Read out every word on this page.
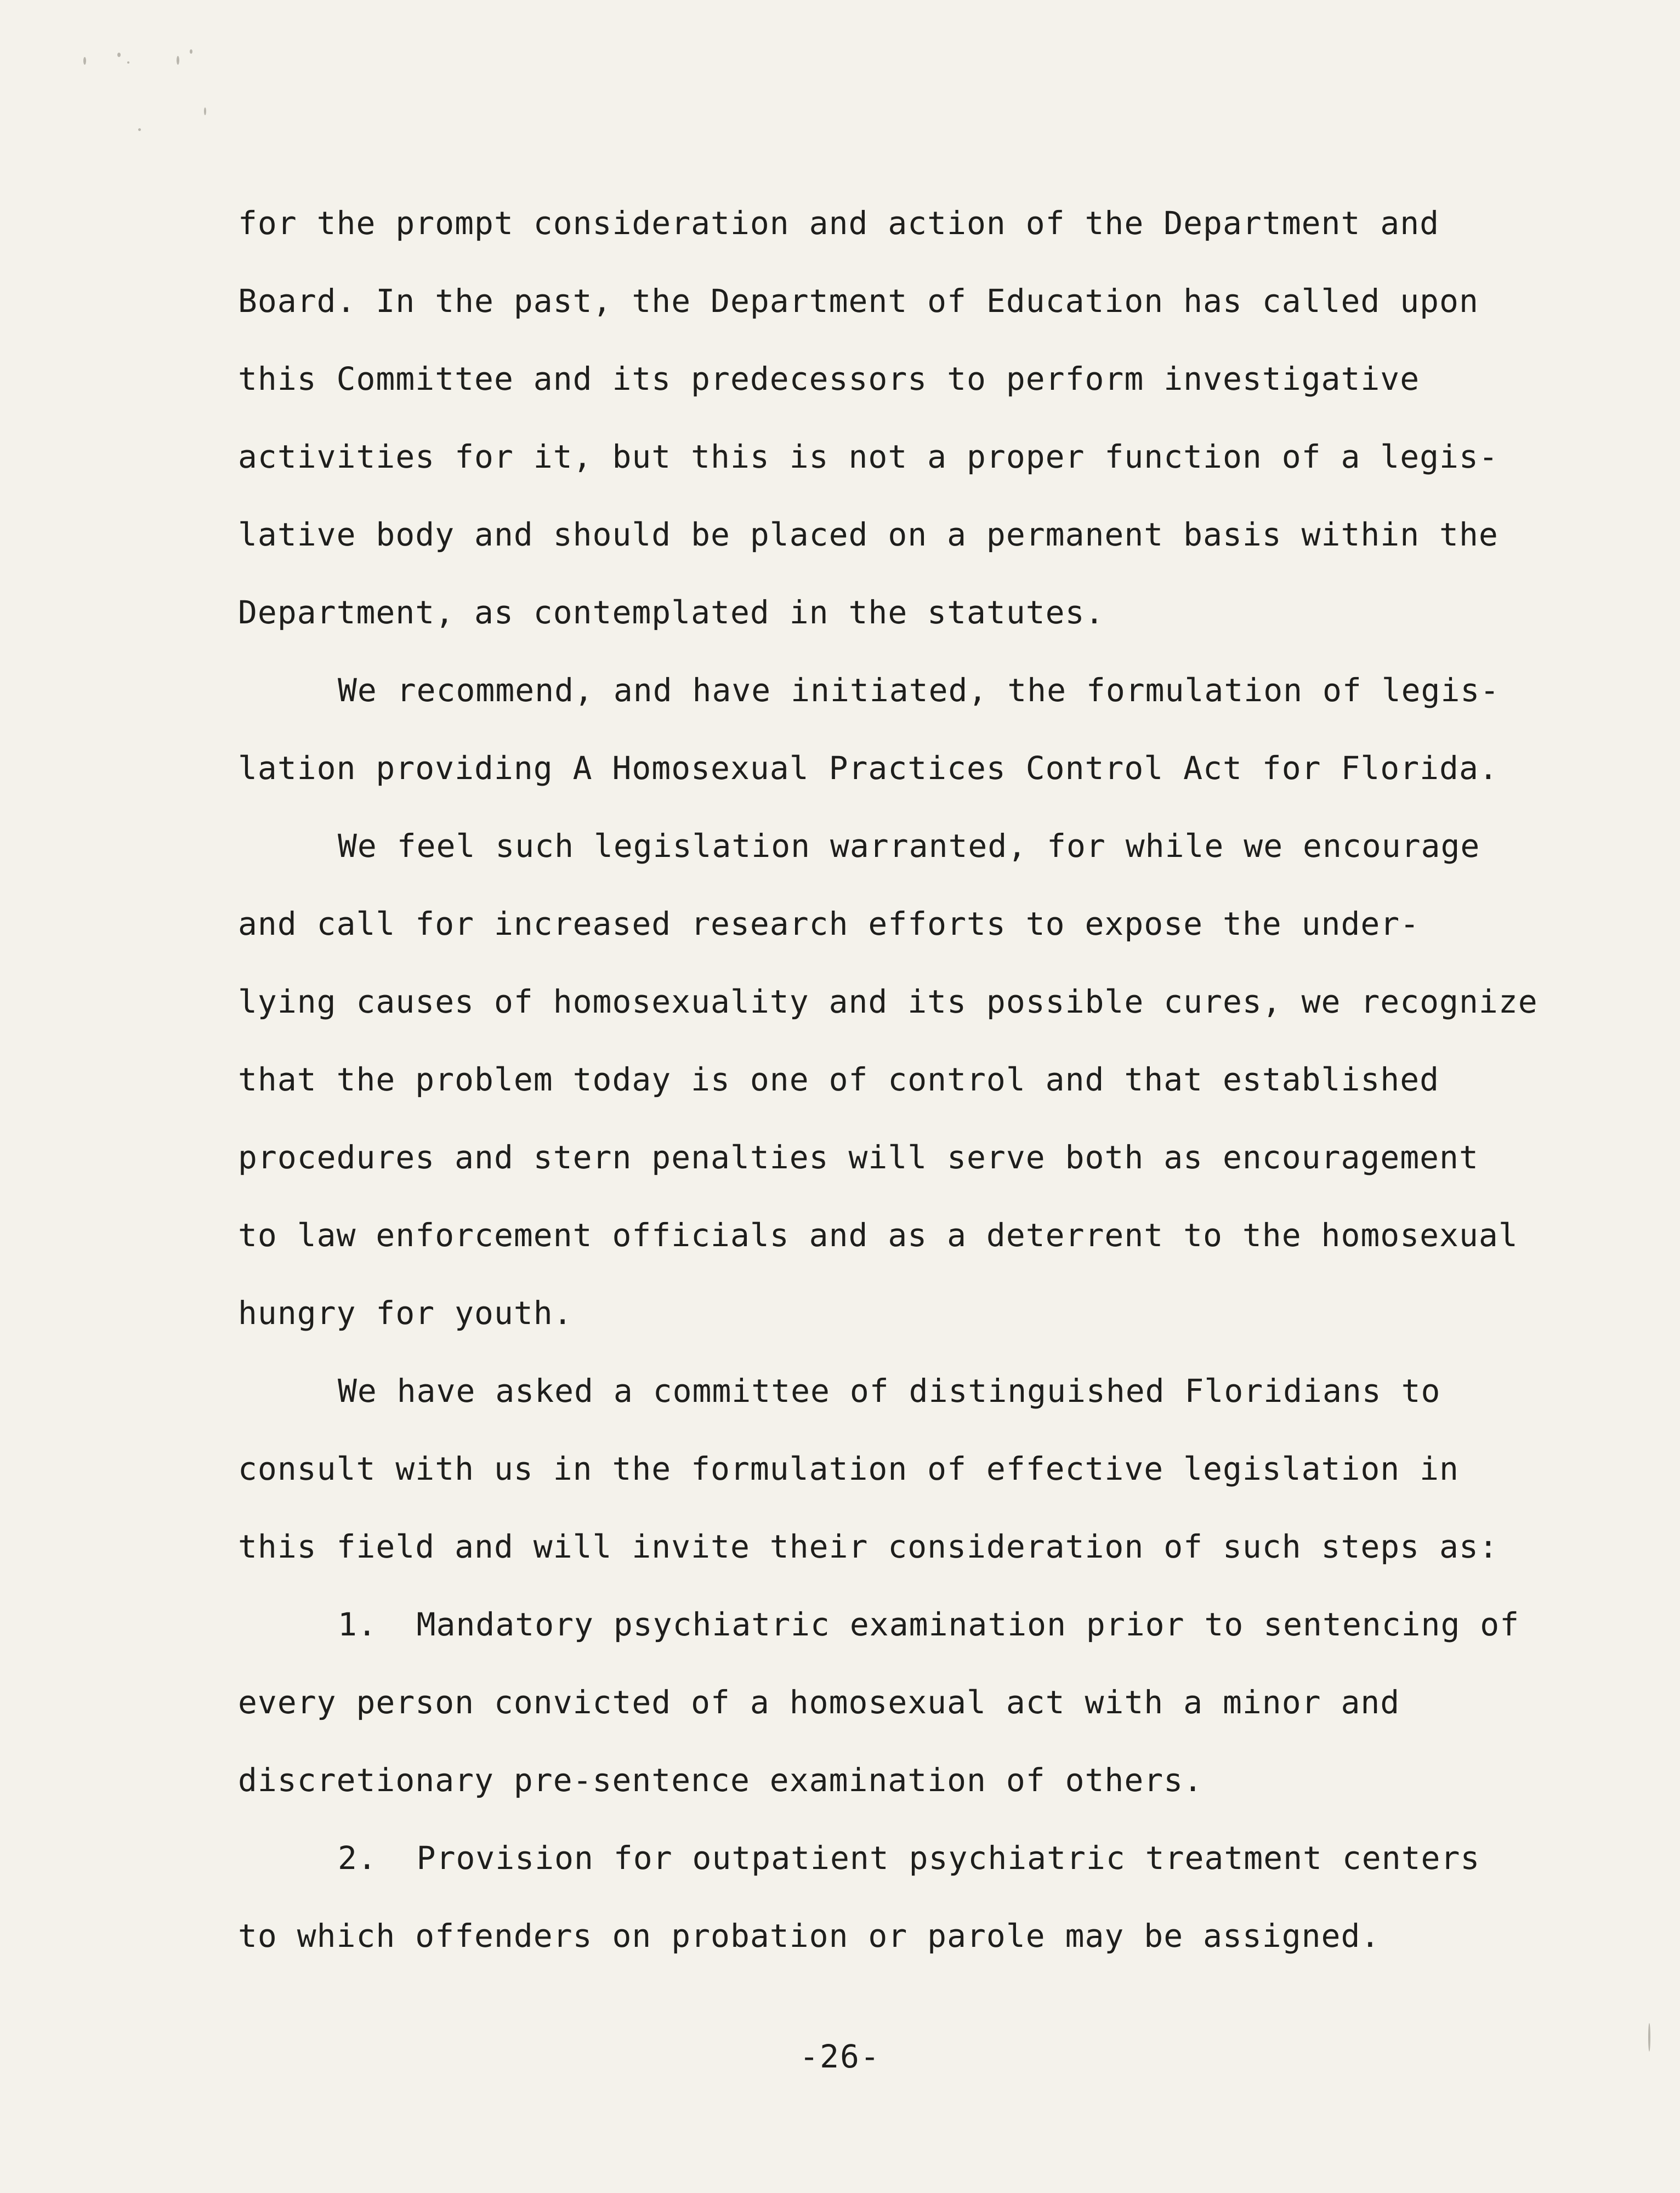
for the prompt consideration and action of the Department and
Board. In the past, the Department of Education has called upon
this Committee and its predecessors to perform investigative
activities for it, but this is not a proper function of a legis-
lative body and should be placed on a permanent basis within the
Department, as contemplated in the statutes.
We recommend, and have initiated, the formulation of legis-
lation providing A Homosexual Practices Control Act for Florida.
We feel such legislation warranted, for while we encourage
and call for increased research efforts to expose the under-
lying causes of homosexuality and its possible cures, we recognize
that the problem today is one of control and that established
procedures and stern penalties will serve both as encouragement
to law enforcement officials and as a deterrent to the homosexual
hungry for youth.
We have asked a committee of distinguished Floridians to
consult with us in the formulation of effective legislation in
this field and will invite their consideration of such steps as:
1.  Mandatory psychiatric examination prior to sentencing of
every person convicted of a homosexual act with a minor and
discretionary pre-sentence examination of others.
2.  Provision for outpatient psychiatric treatment centers
to which offenders on probation or parole may be assigned.
-26-
